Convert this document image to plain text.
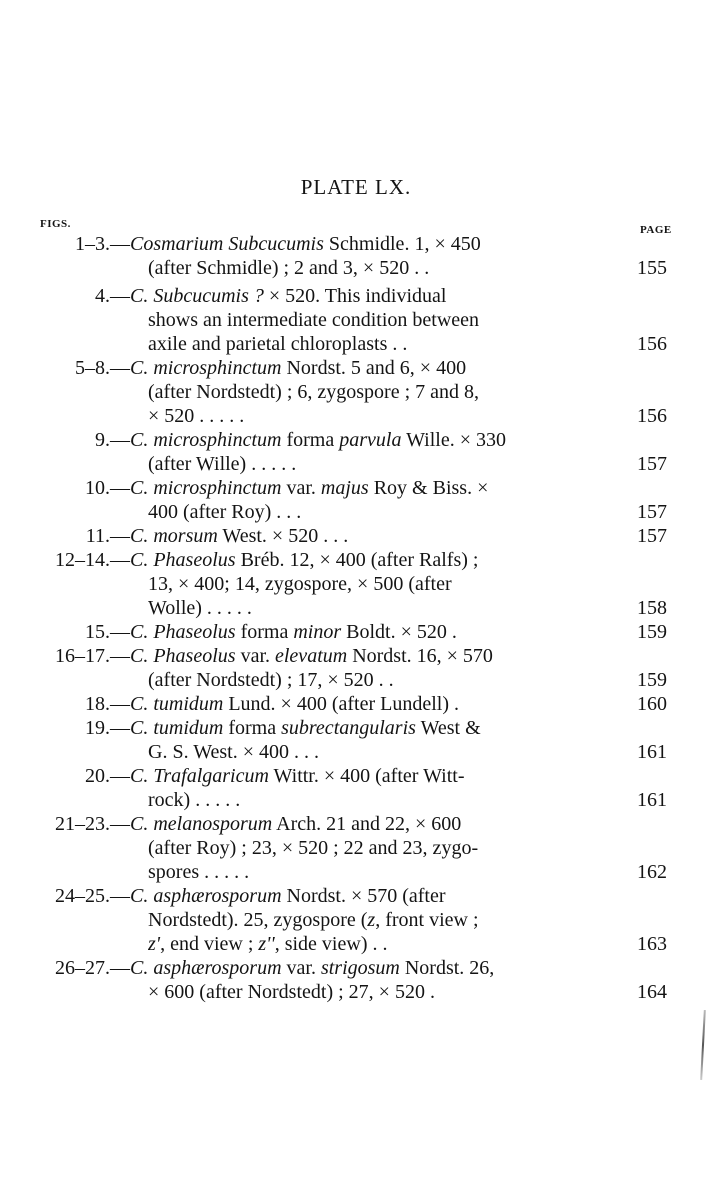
PLATE LX.
FIGS.	PAGE
1–3.— Cosmarium Subcucumis Schmidle. 1, × 450
(after Schmidle) ; 2 and 3, × 520 . .	155
4.— C. Subcucumis ? × 520. This individual
shows an intermediate condition between
axile and parietal chloroplasts . .	156
5–8.— C. microsphinctum Nordst. 5 and 6, × 400
(after Nordstedt) ; 6, zygospore ; 7 and 8,
× 520 . . . . .	156
9.— C. microsphinctum forma parvula Wille. × 330
(after Wille) . . . . .	157
10.— C. microsphinctum var. majus Roy & Biss. ×
400 (after Roy) . . .	157
11.— C. morsum West. × 520 . . .	157
12–14.— C. Phaseolus Bréb. 12, × 400 (after Ralfs) ;
13, × 400; 14, zygospore, × 500 (after
Wolle) . . . . .	158
15.— C. Phaseolus forma minor Boldt. × 520 .	159
16–17.— C. Phaseolus var. elevatum Nordst. 16, × 570
(after Nordstedt) ; 17, × 520 . .	159
18.— C. tumidum Lund. × 400 (after Lundell) .	160
19.— C. tumidum forma subrectangularis West &
G. S. West. × 400 . . .	161
20.— C. Trafalgaricum Wittr. × 400 (after Witt-
rock) . . . . .	161
21–23.— C. melanosporum Arch. 21 and 22, × 600
(after Roy) ; 23, × 520 ; 22 and 23, zygo-
spores . . . . .	162
24–25.— C. asphærosporum Nordst. × 570 (after
Nordstedt). 25, zygospore (z, front view ;
z', end view ; z'', side view) . .	163
26–27.— C. asphærosporum var. strigosum Nordst. 26,
× 600 (after Nordstedt) ; 27, × 520 .	164
